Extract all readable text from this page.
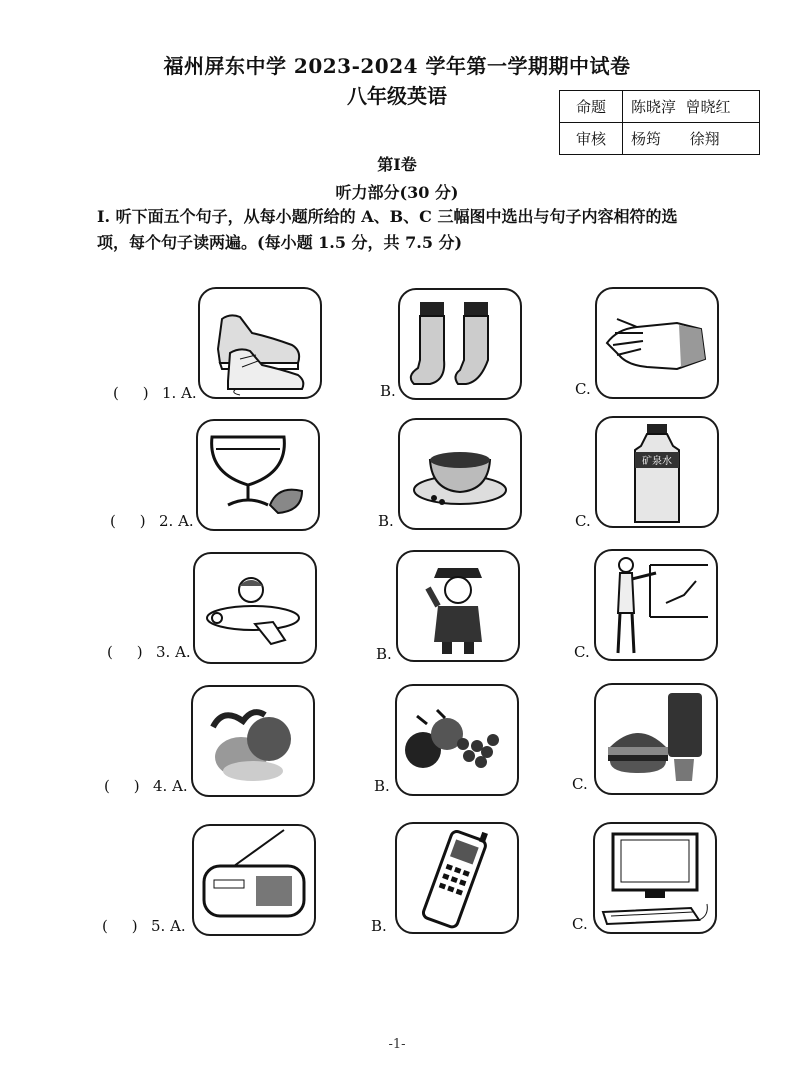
福州屏东中学 2023-2024 学年第一学期期中试卷
八年级英语	命题	陈晓淳  曾晓红
审核	杨筠      徐翔
第Ⅰ卷
听力部分(30 分)
I. 听下面五个句子，从每小题所给的 A、B、C 三幅图中选出与句子内容相符的选
项，每个句子读两遍。(每小题 1.5 分，共 7.5 分)
(     ) 1. A.	B.	C.
(     ) 2. A.	B.	C.
矿泉水
(     ) 3. A.	B.	C.
(     ) 4. A.	B.	C.
(     ) 5. A.	B.	C.
-1-
